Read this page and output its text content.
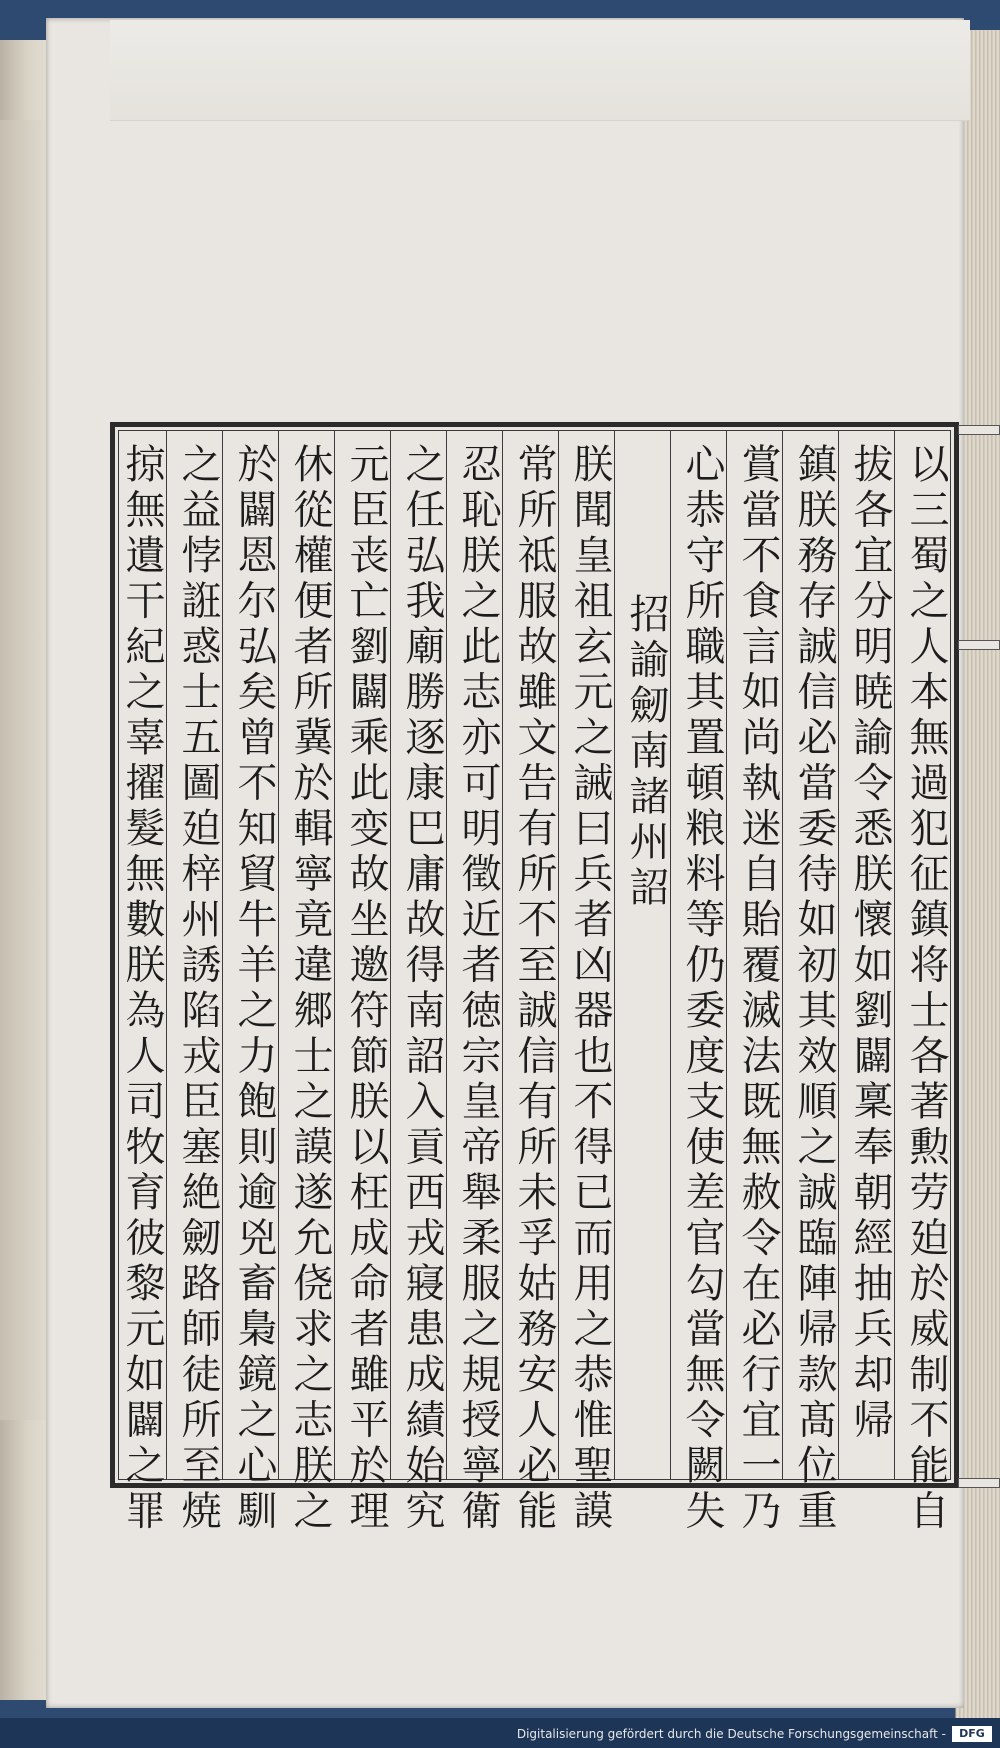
以三蜀之人本無過犯征鎮将士各著勲劳廹於威制不能自
拔各宜分明暁諭令悉朕懷如劉闢稟奉朝經抽兵却帰
鎮朕務存誠信必當委待如初其效順之誠臨陣帰款髙位重
賞當不食言如尚執迷自貽覆滅法既無赦令在必行宜一乃
心恭守所職其置頓粮料等仍委度支使差官勾當無令闕失
招諭劒南諸州詔
朕聞皇祖玄元之誡曰兵者凶器也不得已而用之恭惟聖謨
常所祗服故雖文告有所不至誠信有所未孚姑務安人必能
忍恥朕之此志亦可明徵近者徳宗皇帝舉柔服之規授寧衛
之任弘我廟勝逐康巴庸故得南詔入貢西戎寢患成績始究
元臣丧亡劉闢乘此变故坐邀符節朕以枉成命者雖平於理
休從權便者所冀於輯寧竟違郷士之謨遂允侥求之志朕之
於闢恩尔弘矣曾不知貿牛羊之力飽則逾兇畜梟鏡之心馴
之益悖誑惑士五圖廹梓州誘陷戎臣塞絶劒路師徒所至焼
掠無遺干紀之辜擢髮無數朕為人司牧育彼黎元如闢之罪
Digitalisierung gefördert durch die Deutsche Forschungsgemeinschaft -	DFG
